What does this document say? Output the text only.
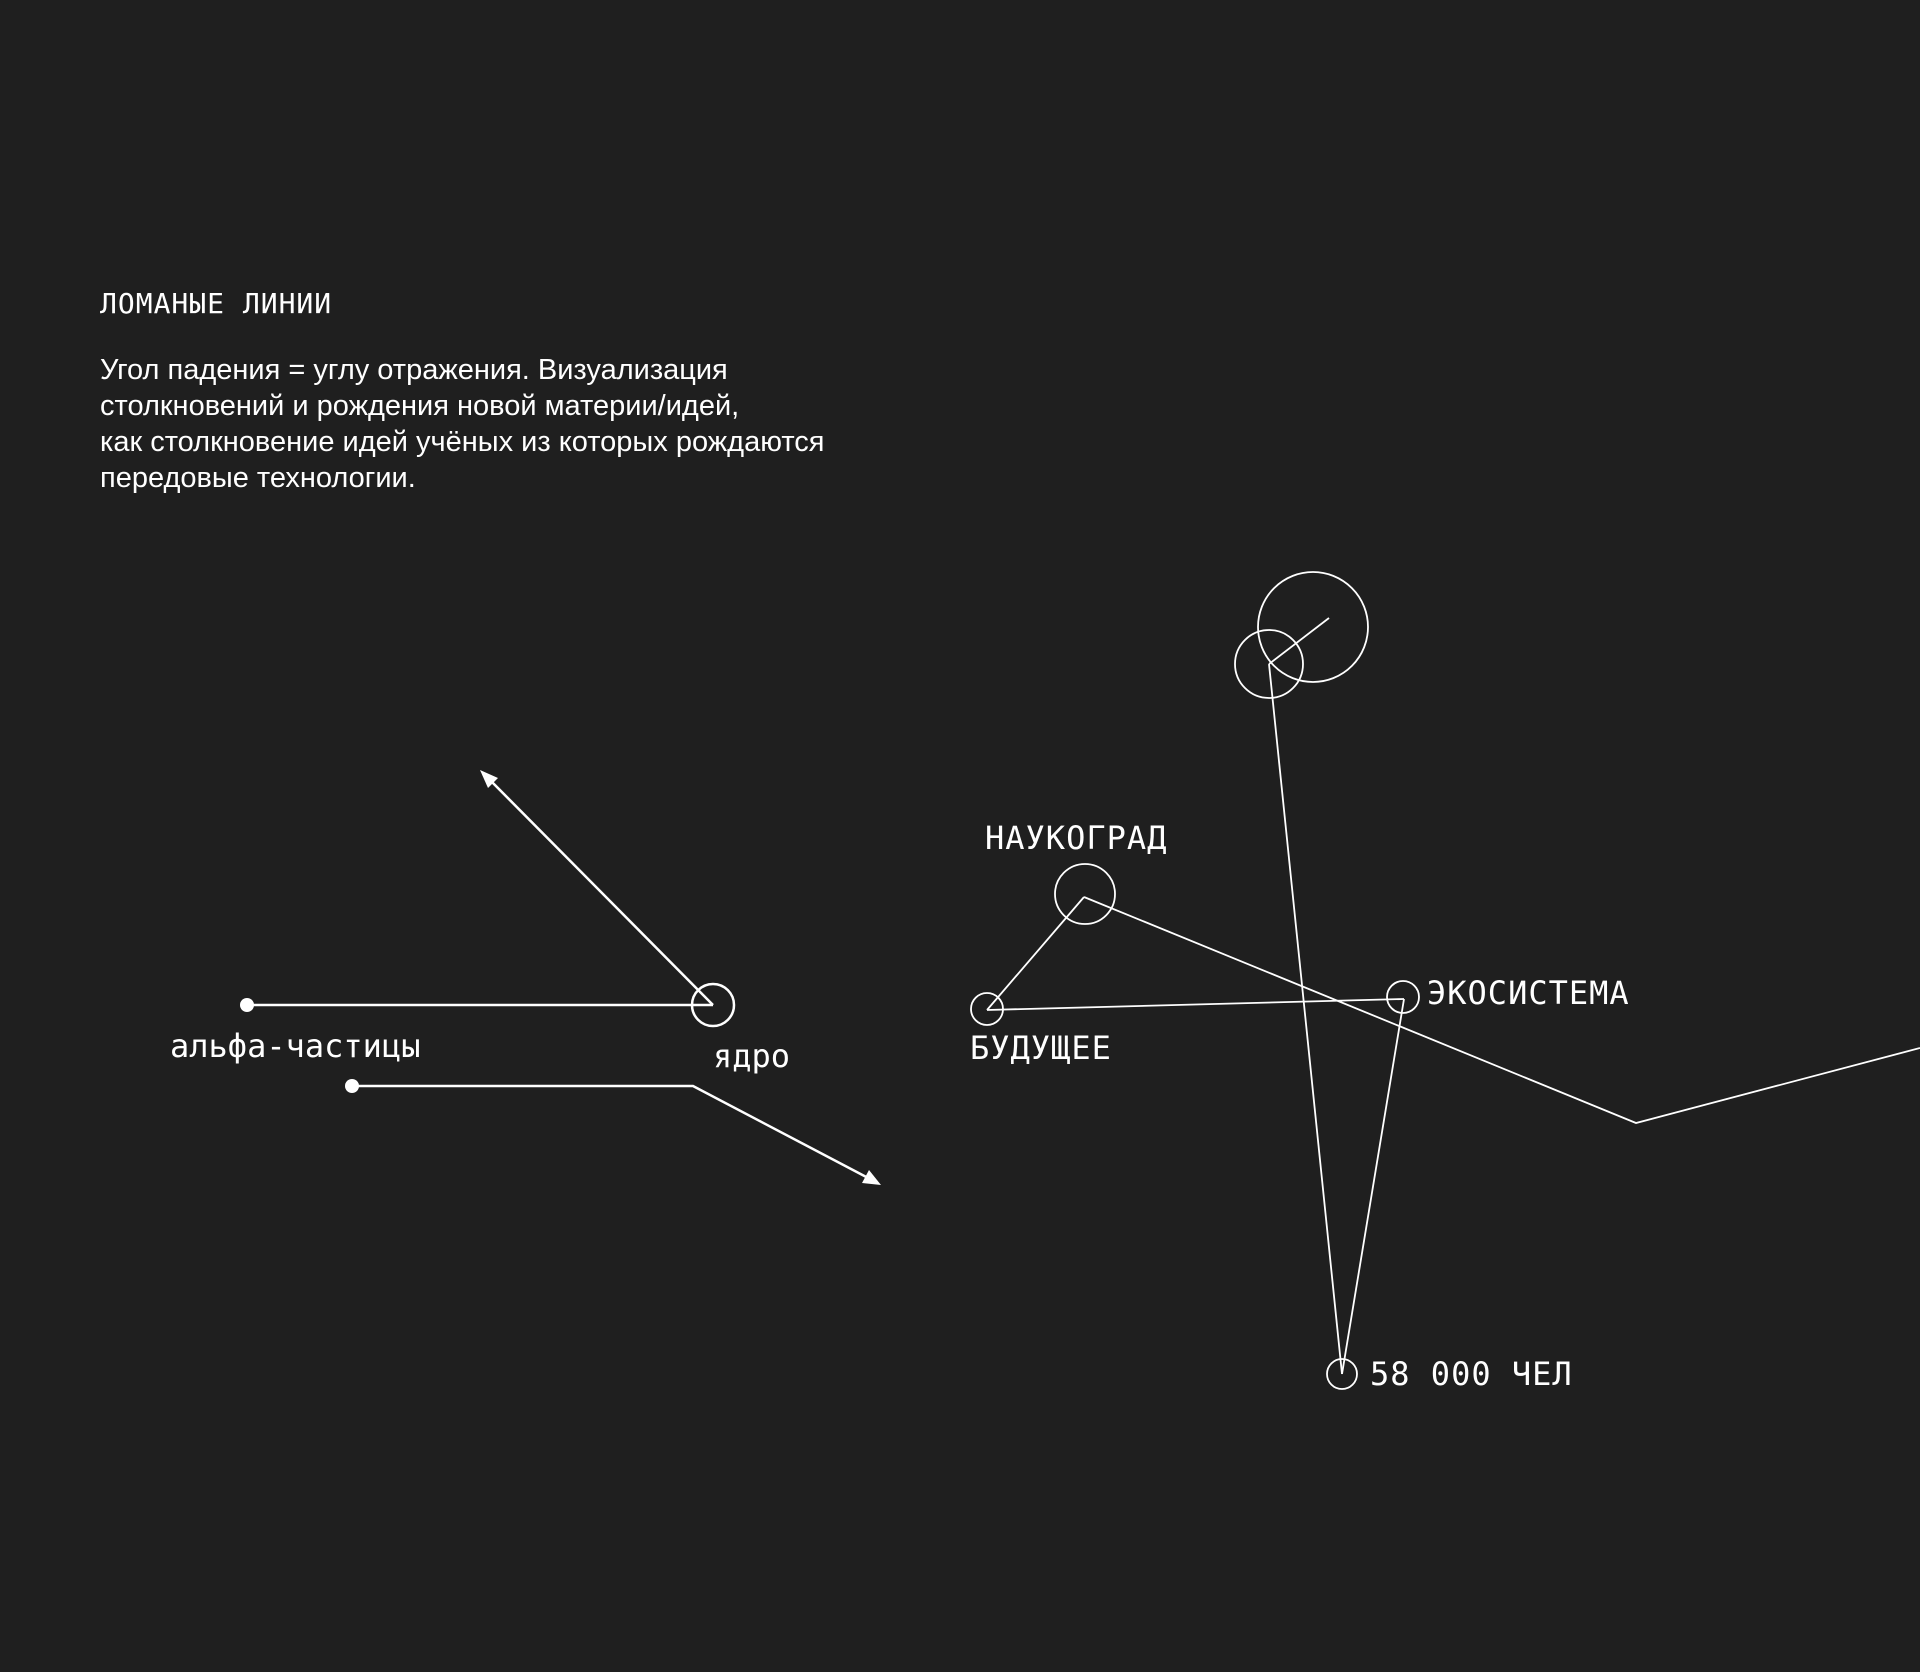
ЛОМАНЫЕ ЛИНИИ

Угол падения = углу отражения. Визуализация
столкновений и рождения новой материи/идей,
как столкновение идей учёных из которых рождаются
передовые технологии.

альфа-частицы	ядро
НАУКОГРАД
БУДУЩЕЕ
ЭКОСИСТЕМА
58 000 ЧЕЛ
